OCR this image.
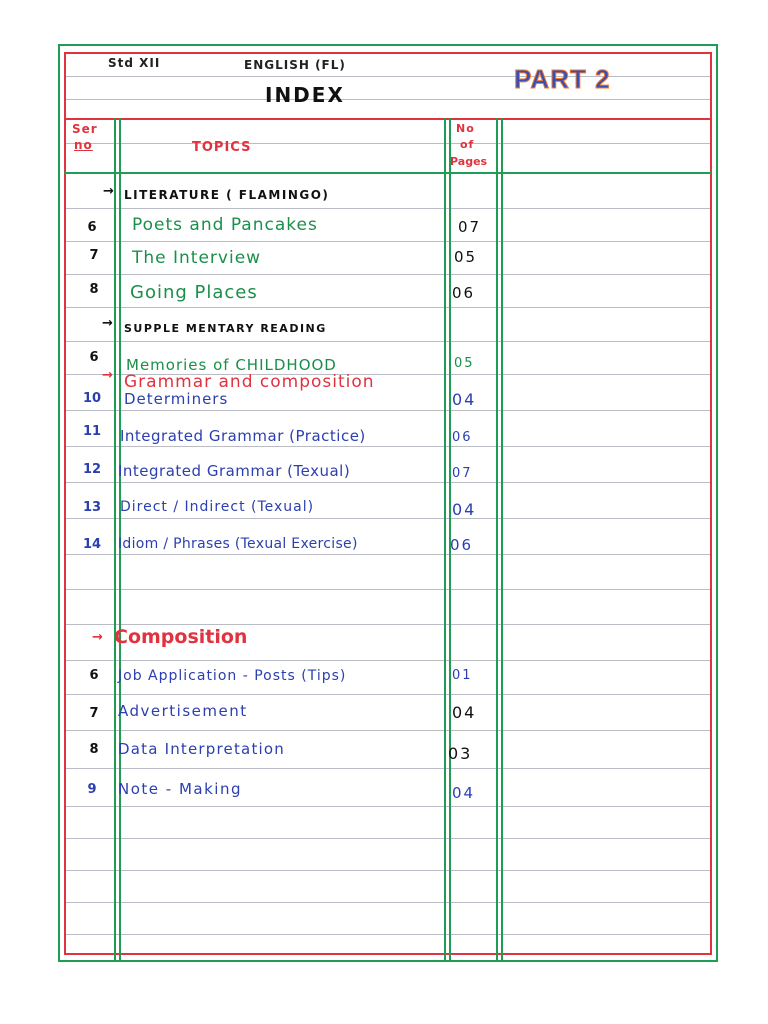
Std XII	ENGLISH (FL)
INDEX
PART 2
Ser
no	TOPICS
No
of
Pages
→ LITERATURE ( FLAMINGO)
6	Poets and Pancakes	07
7	The Interview	05
8	Going Places	06
→ SUPPLE MENTARY READING
6	Memories of CHILDHOOD	05
→ Grammar and composition
10	Determiners	04
11	Integrated Grammar (Practice)	06
12	Integrated Grammar (Texual)	07
13	Direct / Indirect (Texual)	04
14	Idiom / Phrases (Texual Exercise)	06
→ Composition
6	Job Application - Posts (Tips)	01
7	Advertisement	04
8	Data Interpretation	03
9	Note - Making	04
